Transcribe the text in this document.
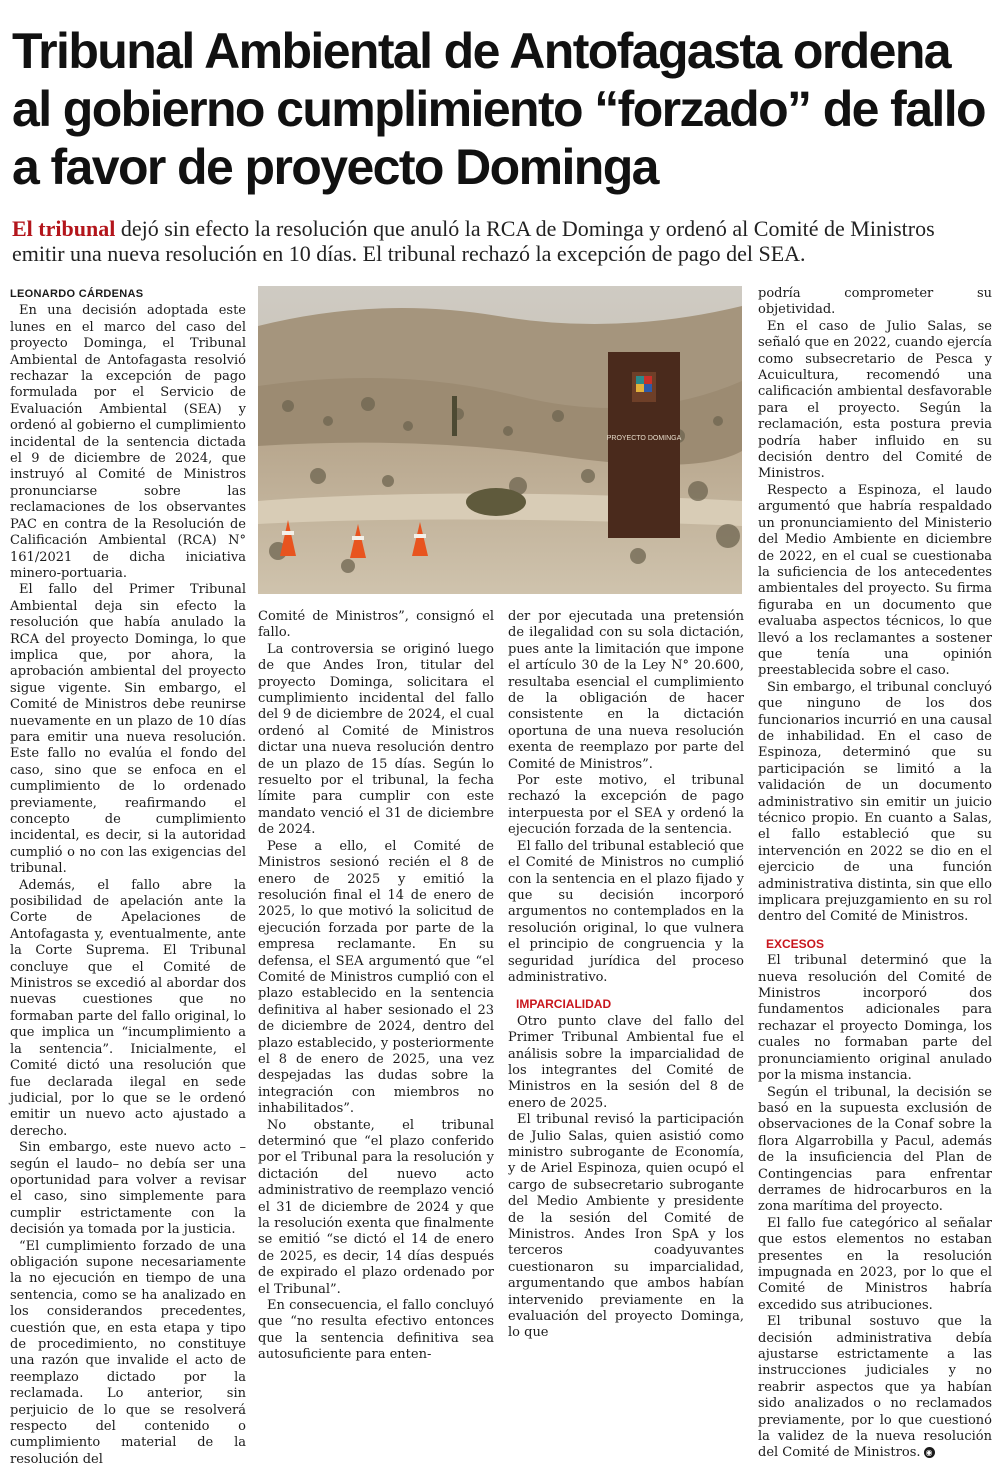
Tribunal Ambiental de Antofagasta ordena al gobierno cumplimiento “forzado” de fallo a favor de proyecto Dominga

El tribunal dejó sin efecto la resolución que anuló la RCA de Dominga y ordenó al Comité de Ministros emitir una nueva resolución en 10 días. El tribunal rechazó la excepción de pago del SEA.

PROYECTO DOMINGA

LEONARDO CÁRDENAS

En una decisión adoptada este lunes en el marco del caso del proyecto Dominga, el Tribunal Ambiental de Antofagasta resolvió rechazar la excepción de pago formulada por el Servicio de Evaluación Ambiental (SEA) y ordenó al gobierno el cumplimiento incidental de la sentencia dictada el 9 de diciembre de 2024, que instruyó al Comité de Ministros pronunciarse sobre las reclamaciones de los observantes PAC en contra de la Resolución de Calificación Ambiental (RCA) N° 161/2021 de dicha iniciativa minero-portuaria.

El fallo del Primer Tribunal Ambiental deja sin efecto la resolución que había anulado la RCA del proyecto Dominga, lo que implica que, por ahora, la aprobación ambiental del proyecto sigue vigente. Sin embargo, el Comité de Ministros debe reunirse nuevamente en un plazo de 10 días para emitir una nueva resolución. Este fallo no evalúa el fondo del caso, sino que se enfoca en el cumplimiento de lo ordenado previamente, reafirmando el concepto de cumplimiento incidental, es decir, si la autoridad cumplió o no con las exigencias del tribunal.

Además, el fallo abre la posibilidad de apelación ante la Corte de Apelaciones de Antofagasta y, eventualmente, ante la Corte Suprema. El Tribunal concluye que el Comité de Ministros se excedió al abordar dos nuevas cuestiones que no formaban parte del fallo original, lo que implica un “incumplimiento a la sentencia”. Inicialmente, el Comité dictó una resolución que fue declarada ilegal en sede judicial, por lo que se le ordenó emitir un nuevo acto ajustado a derecho.

Sin embargo, este nuevo acto –según el laudo– no debía ser una oportunidad para volver a revisar el caso, sino simplemente para cumplir estrictamente con la decisión ya tomada por la justicia.

“El cumplimiento forzado de una obligación supone necesariamente la no ejecución en tiempo de una sentencia, como se ha analizado en los considerandos precedentes, cuestión que, en esta etapa y tipo de procedimiento, no constituye una razón que invalide el acto de reemplazo dictado por la reclamada. Lo anterior, sin perjuicio de lo que se resolverá respecto del contenido o cumplimiento material de la resolución del

Comité de Ministros”, consignó el fallo.

La controversia se originó luego de que Andes Iron, titular del proyecto Dominga, solicitara el cumplimiento incidental del fallo del 9 de diciembre de 2024, el cual ordenó al Comité de Ministros dictar una nueva resolución dentro de un plazo de 15 días. Según lo resuelto por el tribunal, la fecha límite para cumplir con este mandato venció el 31 de diciembre de 2024.

Pese a ello, el Comité de Ministros sesionó recién el 8 de enero de 2025 y emitió la resolución final el 14 de enero de 2025, lo que motivó la solicitud de ejecución forzada por parte de la empresa reclamante. En su defensa, el SEA argumentó que “el Comité de Ministros cumplió con el plazo establecido en la sentencia definitiva al haber sesionado el 23 de diciembre de 2024, dentro del plazo establecido, y posteriormente el 8 de enero de 2025, una vez despejadas las dudas sobre la integración con miembros no inhabilitados”.

No obstante, el tribunal determinó que “el plazo conferido por el Tribunal para la resolución y dictación del nuevo acto administrativo de reemplazo venció el 31 de diciembre de 2024 y que la resolución exenta que finalmente se emitió “se dictó el 14 de enero de 2025, es decir, 14 días después de expirado el plazo ordenado por el Tribunal”.

En consecuencia, el fallo concluyó que “no resulta efectivo entonces que la sentencia definitiva sea autosuficiente para enten-

der por ejecutada una pretensión de ilegalidad con su sola dictación, pues ante la limitación que impone el artículo 30 de la Ley N° 20.600, resultaba esencial el cumplimiento de la obligación de hacer consistente en la dictación oportuna de una nueva resolución exenta de reemplazo por parte del Comité de Ministros”.

Por este motivo, el tribunal rechazó la excepción de pago interpuesta por el SEA y ordenó la ejecución forzada de la sentencia.

El fallo del tribunal estableció que el Comité de Ministros no cumplió con la sentencia en el plazo fijado y que su decisión incorporó argumentos no contemplados en la resolución original, lo que vulnera el principio de congruencia y la seguridad jurídica del proceso administrativo.

IMPARCIALIDAD

Otro punto clave del fallo del Primer Tribunal Ambiental fue el análisis sobre la imparcialidad de los integrantes del Comité de Ministros en la sesión del 8 de enero de 2025.

El tribunal revisó la participación de Julio Salas, quien asistió como ministro subrogante de Economía, y de Ariel Espinoza, quien ocupó el cargo de subsecretario subrogante del Medio Ambiente y presidente de la sesión del Comité de Ministros. Andes Iron SpA y los terceros coadyuvantes cuestionaron su imparcialidad, argumentando que ambos habían intervenido previamente en la evaluación del proyecto Dominga, lo que

podría comprometer su objetividad.

En el caso de Julio Salas, se señaló que en 2022, cuando ejercía como subsecretario de Pesca y Acuicultura, recomendó una calificación ambiental desfavorable para el proyecto. Según la reclamación, esta postura previa podría haber influido en su decisión dentro del Comité de Ministros.

Respecto a Espinoza, el laudo argumentó que habría respaldado un pronunciamiento del Ministerio del Medio Ambiente en diciembre de 2022, en el cual se cuestionaba la suficiencia de los antecedentes ambientales del proyecto. Su firma figuraba en un documento que evaluaba aspectos técnicos, lo que llevó a los reclamantes a sostener que tenía una opinión preestablecida sobre el caso.

Sin embargo, el tribunal concluyó que ninguno de los dos funcionarios incurrió en una causal de inhabilidad. En el caso de Espinoza, determinó que su participación se limitó a la validación de un documento administrativo sin emitir un juicio técnico propio. En cuanto a Salas, el fallo estableció que su intervención en 2022 se dio en el ejercicio de una función administrativa distinta, sin que ello implicara prejuzgamiento en su rol dentro del Comité de Ministros.

EXCESOS

El tribunal determinó que la nueva resolución del Comité de Ministros incorporó dos fundamentos adicionales para rechazar el proyecto Dominga, los cuales no formaban parte del pronunciamiento original anulado por la misma instancia.

Según el tribunal, la decisión se basó en la supuesta exclusión de observaciones de la Conaf sobre la flora Algarrobilla y Pacul, además de la insuficiencia del Plan de Contingencias para enfrentar derrames de hidrocarburos en la zona marítima del proyecto.

El fallo fue categórico al señalar que estos elementos no estaban presentes en la resolución impugnada en 2023, por lo que el Comité de Ministros habría excedido sus atribuciones.

El tribunal sostuvo que la decisión administrativa debía ajustarse estrictamente a las instrucciones judiciales y no reabrir aspectos que ya habían sido analizados o no reclamados previamente, por lo que cuestionó la validez de la nueva resolución del Comité de Ministros. ◉
